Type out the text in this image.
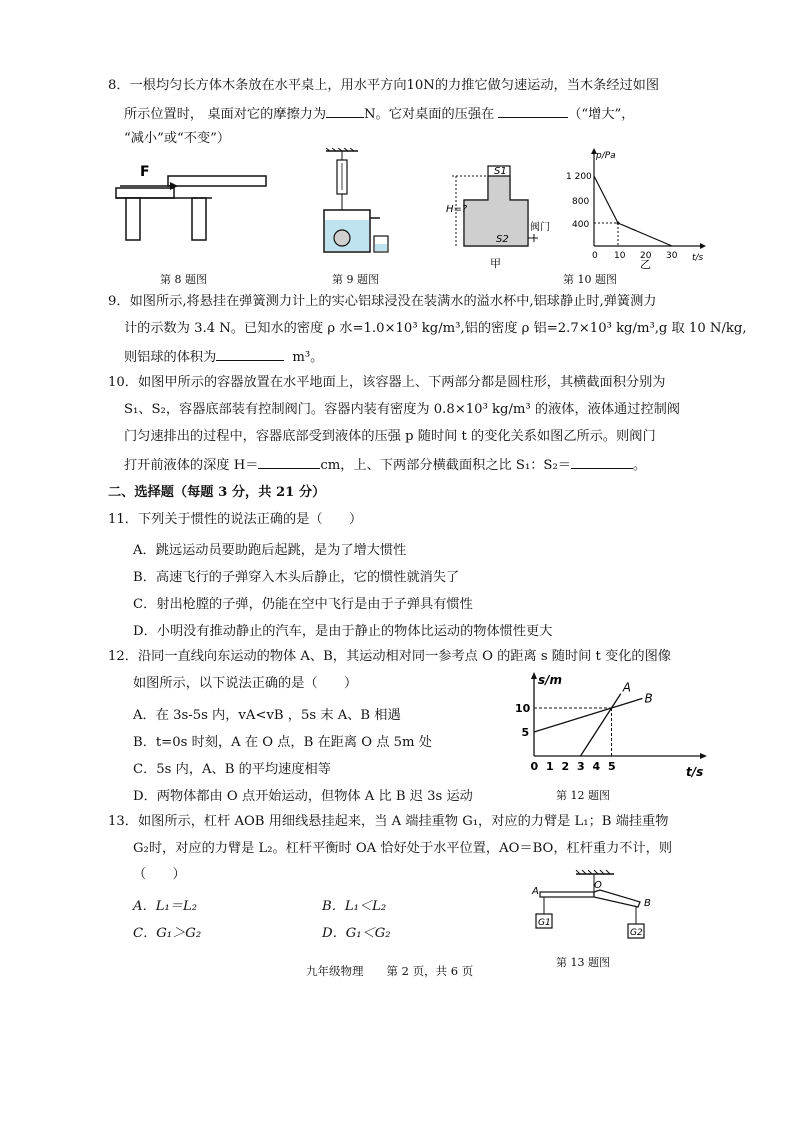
8．一根均匀长方体木条放在水平桌上，用水平方向10N的力推它做匀速运动，当木条经过如图
所示位置时， 桌面对它的摩擦力为	N。它对桌面的压强在	（“增大”，
“减小”或“不变”）
F
第 8 题图	第 9 题图
S1
S2
H=?
阀门
甲
p/Pa
t/s
1 200
800
400
0 10 20 30
乙
第 10 题图
9．如图所示,将悬挂在弹簧测力计上的实心铝球浸没在装满水的溢水杯中,铝球静止时,弹簧测力
计的示数为 3.4 N。已知水的密度 ρ 水=1.0×10³ kg/m³,铝的密度 ρ 铝=2.7×10³ kg/m³,g 取 10 N/kg,
则铝球的体积为	m³。
10．如图甲所示的容器放置在水平地面上，该容器上、下两部分都是圆柱形，其横截面积分别为
S₁、S₂，容器底部装有控制阀门。容器内装有密度为 0.8×10³ kg/m³ 的液体，液体通过控制阀
门匀速排出的过程中，容器底部受到液体的压强 p 随时间 t 的变化关系如图乙所示。则阀门
打开前液体的深度 H＝	cm，上、下两部分横截面积之比 S₁：S₂＝	。
二、选择题（每题 3 分，共 21 分）
11．下列关于惯性的说法正确的是（　　）
A．跳远运动员要助跑后起跳，是为了增大惯性
B．高速飞行的子弹穿入木头后静止，它的惯性就消失了
C．射出枪膛的子弹，仍能在空中飞行是由于子弹具有惯性
D．小明没有推动静止的汽车，是由于静止的物体比运动的物体惯性更大
12．沿同一直线向东运动的物体 A、B，其运动相对同一参考点 O 的距离 s 随时间 t 变化的图像
如图所示，以下说法正确的是（　　）
A．在 3s-5s 内，vA<vB ，5s 末 A、B 相遇
B．t=0s 时刻，A 在 O 点，B 在距离 O 点 5m 处
C．5s 内，A、B 的平均速度相等
D．两物体都由 O 点开始运动，但物体 A 比 B 迟 3s 运动
s/m
t/s
0 1 2 3 4 5
5
10
A
B
第 12 题图
13．如图所示，杠杆 AOB 用细线悬挂起来，当 A 端挂重物 G₁，对应的力臂是 L₁；B 端挂重物
G₂时，对应的力臂是 L₂。杠杆平衡时 OA 恰好处于水平位置，AO＝BO，杠杆重力不计，则
（　　）
A．L₁＝L₂	B．L₁＜L₂
C．G₁＞G₂	D．G₁＜G₂
G1
G2
A
O
B
第 13 题图
九年级物理　　第 2 页，共 6 页
